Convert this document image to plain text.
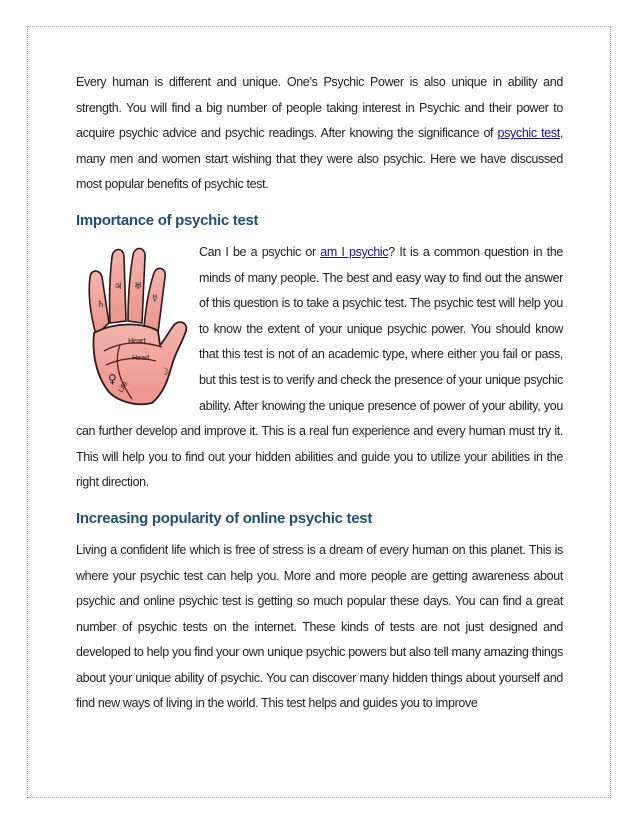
Every human is different and unique. One’s Psychic Power is also unique in ability and strength. You will find a big number of people taking interest in Psychic and their power to acquire psychic advice and psychic readings. After knowing the significance of psychic test, many men and women start wishing that they were also psychic. Here we have discussed most popular benefits of psychic test.

Importance of psychic test
♄
♃ ♅
☿
♀	☽
Heart
Head
Life

Can I be a psychic or am I psychic? It is a common question in the minds of many people. The best and easy way to find out the answer of this question is to take a psychic test. The psychic test will help you to know the extent of your unique psychic power. You should know that this test is not of an academic type, where either you fail or pass, but this test is to verify and check the presence of your unique psychic ability. After knowing the unique presence of power of your ability, you can further develop and improve it. This is a real fun experience and every human must try it. This will help you to find out your hidden abilities and guide you to utilize your abilities in the right direction.

Increasing popularity of online psychic test

Living a confident life which is free of stress is a dream of every human on this planet. This is where your psychic test can help you. More and more people are getting awareness about psychic and online psychic test is getting so much popular these days. You can find a great number of psychic tests on the internet. These kinds of tests are not just designed and developed to help you find your own unique psychic powers but also tell many amazing things about your unique ability of psychic. You can discover many hidden things about yourself and find new ways of living in the world. This test helps and guides you to improve
